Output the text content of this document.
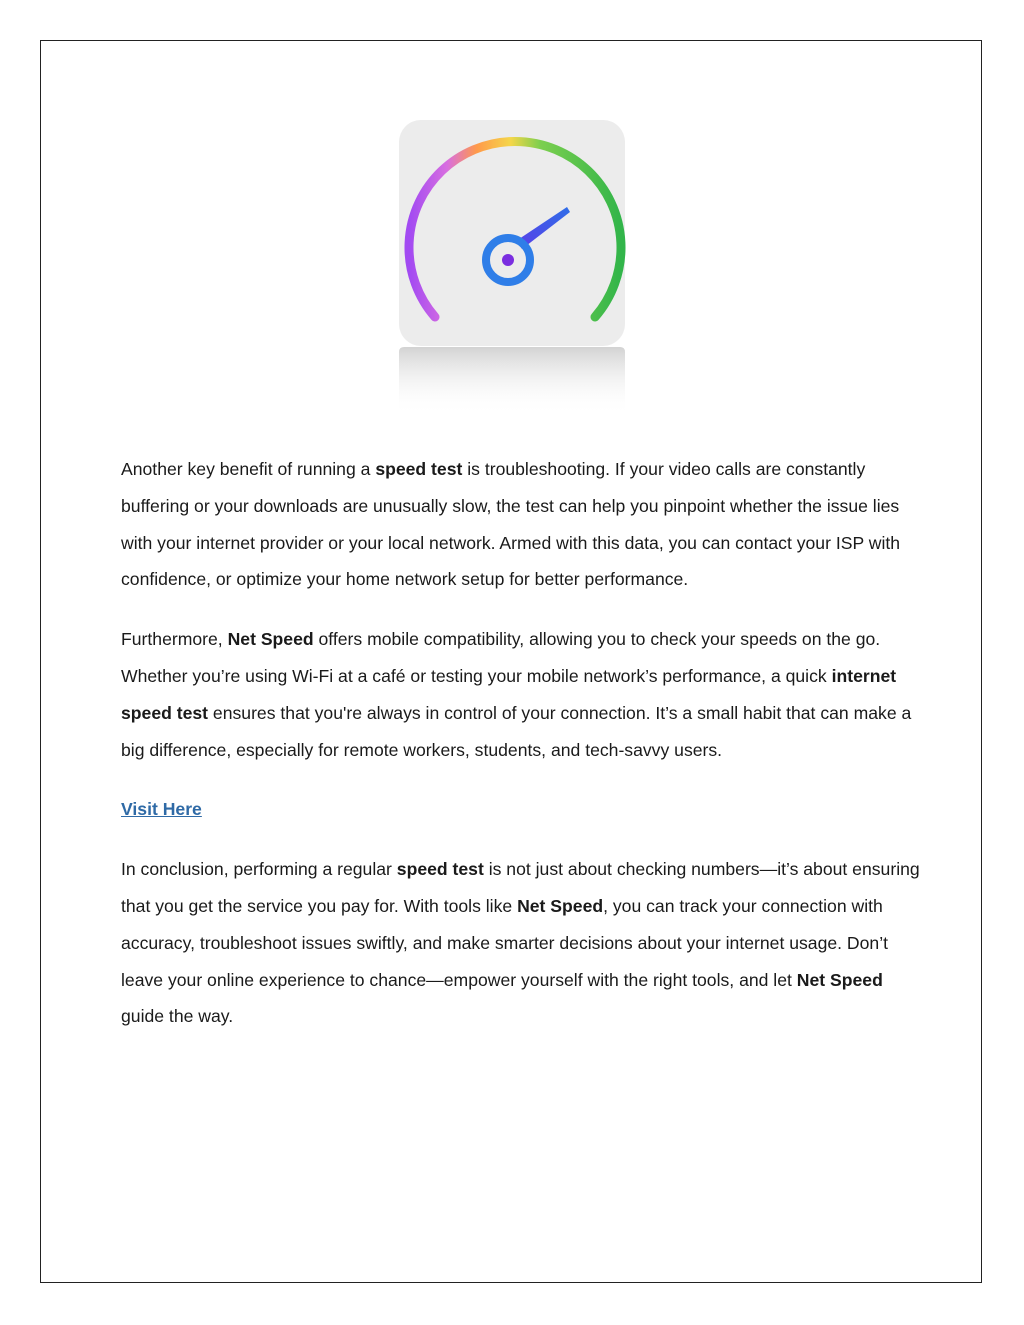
Another key benefit of running a speed test is troubleshooting. If your video calls are constantly buffering or your downloads are unusually slow, the test can help you pinpoint whether the issue lies with your internet provider or your local network. Armed with this data, you can contact your ISP with confidence, or optimize your home network setup for better performance.

Furthermore, Net Speed offers mobile compatibility, allowing you to check your speeds on the go. Whether you’re using Wi-Fi at a café or testing your mobile network’s performance, a quick internet speed test ensures that you're always in control of your connection. It’s a small habit that can make a big difference, especially for remote workers, students, and tech-savvy users.

Visit Here

In conclusion, performing a regular speed test is not just about checking numbers—it’s about ensuring that you get the service you pay for. With tools like Net Speed, you can track your connection with accuracy, troubleshoot issues swiftly, and make smarter decisions about your internet usage. Don’t leave your online experience to chance—empower yourself with the right tools, and let Net Speed guide the way.
